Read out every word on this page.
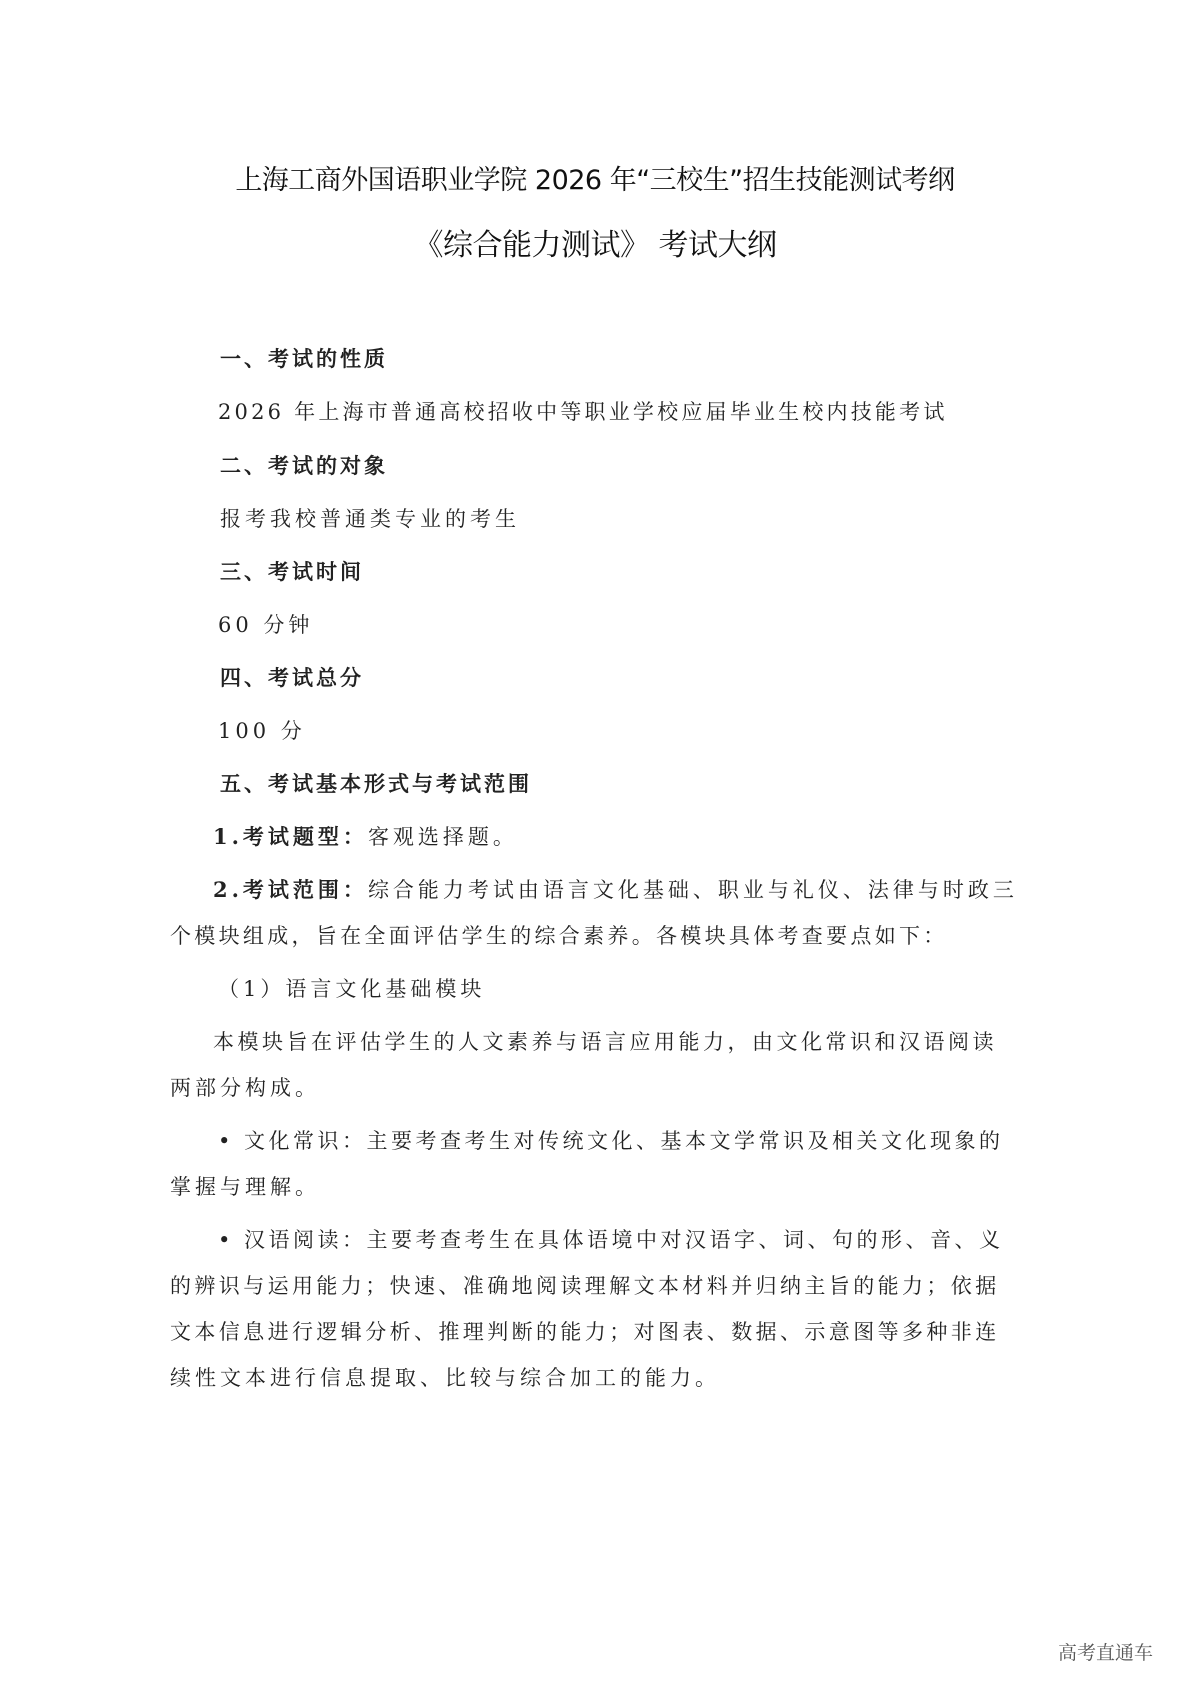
上海工商外国语职业学院 2026 年“三校生”招生技能测试考纲
《综合能力测试》 考试大纲
一、考试的性质
2026 年上海市普通高校招收中等职业学校应届毕业生校内技能考试
二、考试的对象
报考我校普通类专业的考生
三、考试时间
60 分钟
四、考试总分
100 分
五、考试基本形式与考试范围
1.考试题型：客观选择题。
2.考试范围：综合能力考试由语言文化基础、职业与礼仪、法律与时政三
个模块组成，旨在全面评估学生的综合素养。各模块具体考查要点如下：
（1）语言文化基础模块
本模块旨在评估学生的人文素养与语言应用能力，由文化常识和汉语阅读
两部分构成。
• 文化常识：主要考查考生对传统文化、基本文学常识及相关文化现象的
掌握与理解。
• 汉语阅读：主要考查考生在具体语境中对汉语字、词、句的形、音、义
的辨识与运用能力；快速、准确地阅读理解文本材料并归纳主旨的能力；依据
文本信息进行逻辑分析、推理判断的能力；对图表、数据、示意图等多种非连
续性文本进行信息提取、比较与综合加工的能力。
高考直通车
